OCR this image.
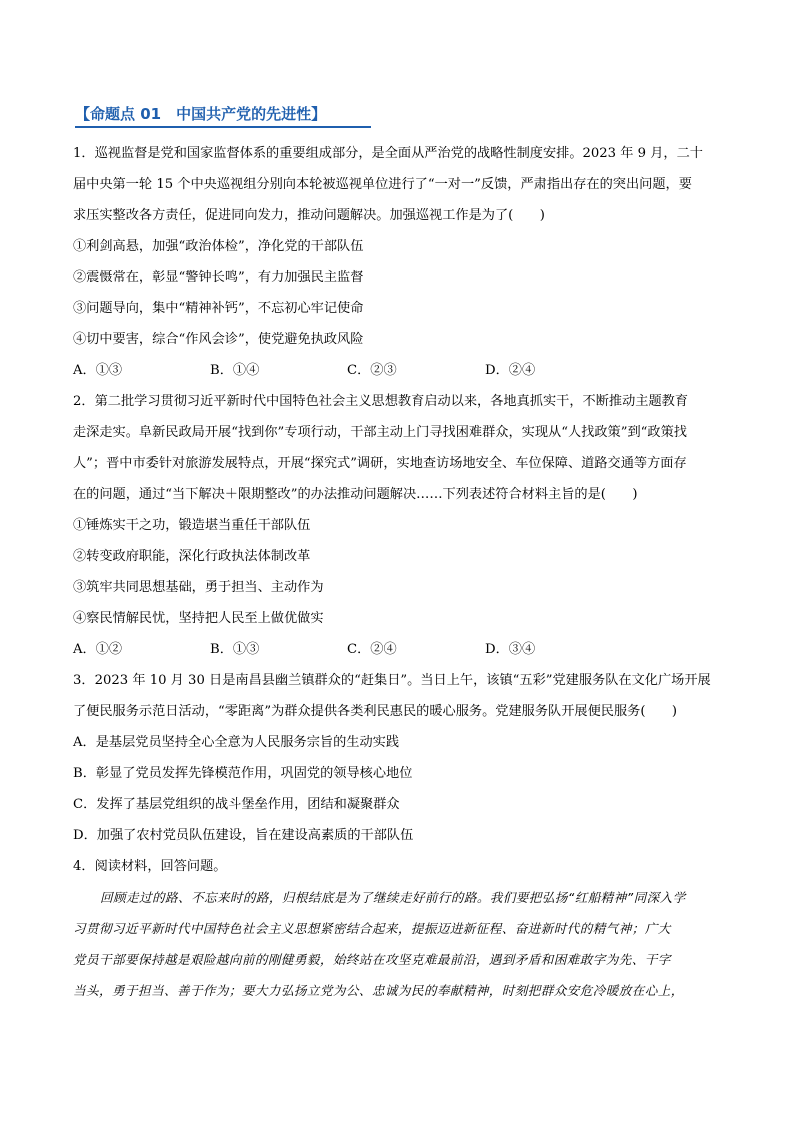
【命题点 01　中国共产党的先进性】
1．巡视监督是党和国家监督体系的重要组成部分，是全面从严治党的战略性制度安排。2023 年 9 月，二十
届中央第一轮 15 个中央巡视组分别向本轮被巡视单位进行了“一对一”反馈，严肃指出存在的突出问题，要
求压实整改各方责任，促进同向发力，推动问题解决。加强巡视工作是为了(　　)
①利剑高悬，加强“政治体检”，净化党的干部队伍
②震慑常在，彰显“警钟长鸣”，有力加强民主监督
③问题导向，集中“精神补钙”，不忘初心牢记使命
④切中要害，综合“作风会诊”，使党避免执政风险
A．①③	B．①④	C．②③	D．②④
2．第二批学习贯彻习近平新时代中国特色社会主义思想教育启动以来，各地真抓实干，不断推动主题教育
走深走实。阜新民政局开展“找到你”专项行动，干部主动上门寻找困难群众，实现从“人找政策”到“政策找
人”；晋中市委针对旅游发展特点，开展“探究式”调研，实地查访场地安全、车位保障、道路交通等方面存
在的问题，通过“当下解决＋限期整改”的办法推动问题解决……下列表述符合材料主旨的是(　　)
①锤炼实干之功，锻造堪当重任干部队伍
②转变政府职能，深化行政执法体制改革
③筑牢共同思想基础，勇于担当、主动作为
④察民情解民忧，坚持把人民至上做优做实
A．①②	B．①③	C．②④	D．③④
3．2023 年 10 月 30 日是南昌县幽兰镇群众的“赶集日”。当日上午，该镇“五彩”党建服务队在文化广场开展
了便民服务示范日活动，“零距离”为群众提供各类利民惠民的暖心服务。党建服务队开展便民服务(　　)
A．是基层党员坚持全心全意为人民服务宗旨的生动实践
B．彰显了党员发挥先锋模范作用，巩固党的领导核心地位
C．发挥了基层党组织的战斗堡垒作用，团结和凝聚群众
D．加强了农村党员队伍建设，旨在建设高素质的干部队伍
4．阅读材料，回答问题。
回顾走过的路、不忘来时的路，归根结底是为了继续走好前行的路。我们要把弘扬“红船精神”同深入学
习贯彻习近平新时代中国特色社会主义思想紧密结合起来，提振迈进新征程、奋进新时代的精气神；广大
党员干部要保持越是艰险越向前的刚健勇毅，始终站在攻坚克难最前沿，遇到矛盾和困难敢字为先、干字
当头，勇于担当、善于作为；要大力弘扬立党为公、忠诚为民的奉献精神，时刻把群众安危冷暖放在心上，
